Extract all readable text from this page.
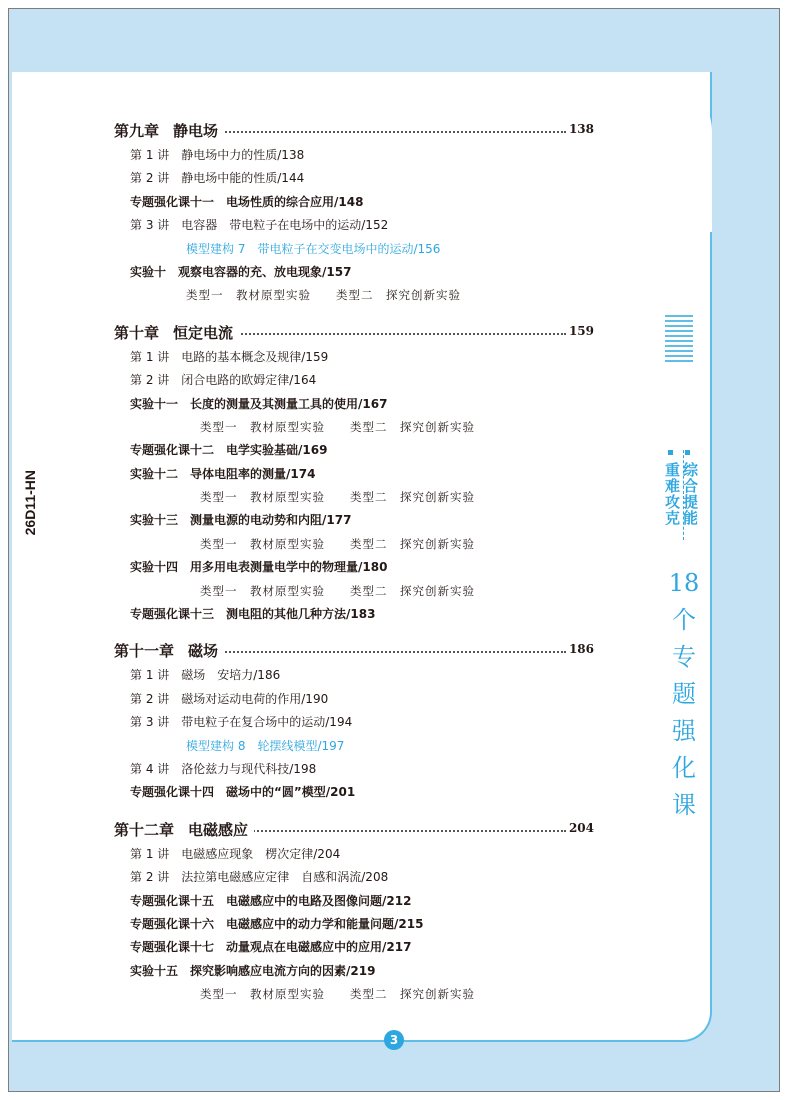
26D11-HN	综合提能
重难攻克
18
个
专
题
强
化
课
第九章 静电场	138
第 1 讲　静电场中力的性质/138
第 2 讲　静电场中能的性质/144
专题强化课十一　电场性质的综合应用/148
第 3 讲　电容器　带电粒子在电场中的运动/152
模型建构 7　带电粒子在交变电场中的运动/156
实验十　观察电容器的充、放电现象/157
类型一　教材原型实验　　类型二　探究创新实验
第十章 恒定电流	159
第 1 讲　电路的基本概念及规律/159
第 2 讲　闭合电路的欧姆定律/164
实验十一　长度的测量及其测量工具的使用/167
类型一　教材原型实验　　类型二　探究创新实验
专题强化课十二　电学实验基础/169
实验十二　导体电阻率的测量/174
类型一　教材原型实验　　类型二　探究创新实验
实验十三　测量电源的电动势和内阻/177
类型一　教材原型实验　　类型二　探究创新实验
实验十四　用多用电表测量电学中的物理量/180
类型一　教材原型实验　　类型二　探究创新实验
专题强化课十三　测电阻的其他几种方法/183
第十一章 磁场	186
第 1 讲　磁场　安培力/186
第 2 讲　磁场对运动电荷的作用/190
第 3 讲　带电粒子在复合场中的运动/194
模型建构 8　轮摆线模型/197
第 4 讲　洛伦兹力与现代科技/198
专题强化课十四　磁场中的“圆”模型/201
第十二章 电磁感应	204
第 1 讲　电磁感应现象　楞次定律/204
第 2 讲　法拉第电磁感应定律　自感和涡流/208
专题强化课十五　电磁感应中的电路及图像问题/212
专题强化课十六　电磁感应中的动力学和能量问题/215
专题强化课十七　动量观点在电磁感应中的应用/217
实验十五　探究影响感应电流方向的因素/219
类型一　教材原型实验　　类型二　探究创新实验
3
